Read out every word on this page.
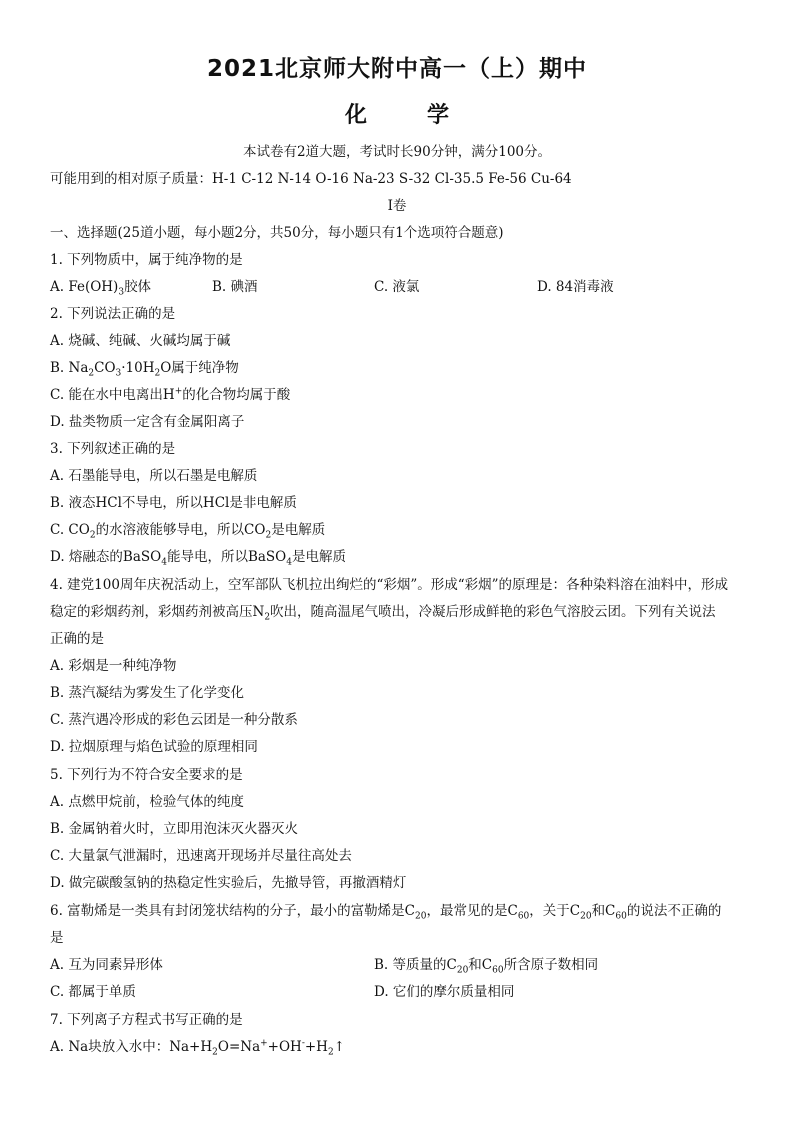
2021北京师大附中高一（上）期中
化	学
本试卷有2道大题，考试时长90分钟，满分100分。
可能用到的相对原子质量：H-1 C-12 N-14 O-16 Na-23 S-32 Cl-35.5 Fe-56 Cu-64
I卷
一、选择题(25道小题，每小题2分，共50分，每小题只有1个选项符合题意)
1. 下列物质中，属于纯净物的是
A. $Fe(OH)_3$胶体	B. 碘酒	C. 液氯	D. 84消毒液
2. 下列说法正确的是
A. 烧碱、纯碱、火碱均属于碱
B. $Na_2CO_3\cdot 10H_2O$属于纯净物
C. 能在水中电离出H+的化合物均属于酸
D. 盐类物质一定含有金属阳离子
3. 下列叙述正确的是
A. 石墨能导电，所以石墨是电解质
B. 液态HCl不导电，所以HCl是非电解质
C. $CO_2$的水溶液能够导电，所以$CO_2$是电解质
D. 熔融态的BaSO$_4$能导电，所以BaSO$_4$是电解质
4. 建党100周年庆祝活动上，空军部队飞机拉出绚烂的“彩烟”。形成“彩烟”的原理是：各种染料溶在油料中，形成
稳定的彩烟药剂，彩烟药剂被高压$N_2$吹出，随高温尾气喷出，冷凝后形成鲜艳的彩色气溶胶云团。下列有关说法
正确的是
A. 彩烟是一种纯净物
B. 蒸汽凝结为雾发生了化学变化
C. 蒸汽遇冷形成的彩色云团是一种分散系
D. 拉烟原理与焰色试验的原理相同
5. 下列行为不符合安全要求的是
A. 点燃甲烷前，检验气体的纯度
B. 金属钠着火时，立即用泡沫灭火器灭火
C. 大量氯气泄漏时，迅速离开现场并尽量往高处去
D. 做完碳酸氢钠的热稳定性实验后，先撤导管，再撤酒精灯
6. 富勒烯是一类具有封闭笼状结构的分子，最小的富勒烯是$C_{20}$，最常见的是$C_{60}$，关于$C_{20}$和$C_{60}$的说法不正确的
是
A. 互为同素异形体	B. 等质量的$C_{20}$和$C_{60}$所含原子数相同
C. 都属于单质	D. 它们的摩尔质量相同
7. 下列离子方程式书写正确的是
A. Na块放入水中：$Na+H_2O=Na^++OH^-+H_2↑$
